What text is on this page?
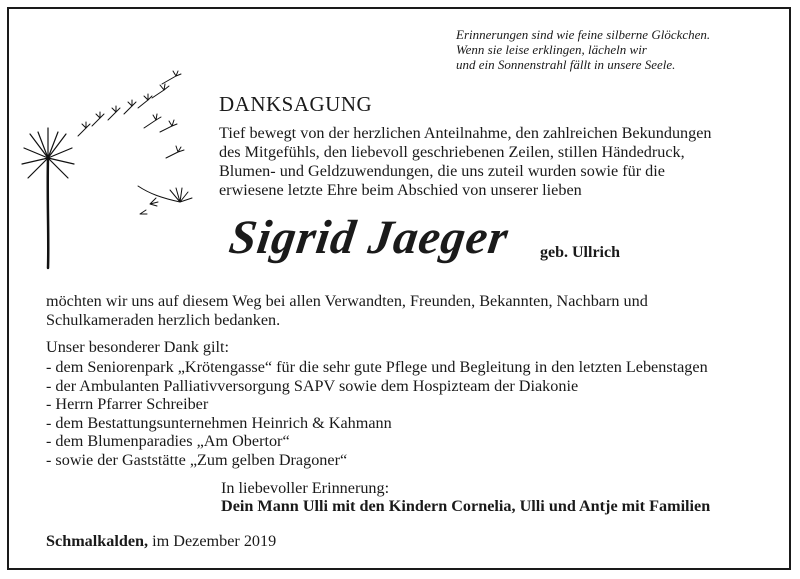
Erinnerungen sind wie feine silberne Glöckchen.
Wenn sie leise erklingen, lächeln wir
und ein Sonnenstrahl fällt in unsere Seele.
DANKSAGUNG
Tief bewegt von der herzlichen Anteilnahme, den zahlreichen Bekundungen
des Mitgefühls, den liebevoll geschriebenen Zeilen, stillen Händedruck,
Blumen- und Geldzuwendungen, die uns zuteil wurden sowie für die
erwiesene letzte Ehre beim Abschied von unserer lieben
Sigrid Jaeger geb. Ullrich
möchten wir uns auf diesem Weg bei allen Verwandten, Freunden, Bekannten, Nachbarn und
Schulkameraden herzlich bedanken.
Unser besonderer Dank gilt:
- dem Seniorenpark „Krötengasse“ für die sehr gute Pflege und Begleitung in den letzten Lebenstagen
- der Ambulanten Palliativversorgung SAPV sowie dem Hospizteam der Diakonie
- Herrn Pfarrer Schreiber
- dem Bestattungsunternehmen Heinrich & Kahmann
- dem Blumenparadies „Am Obertor“
- sowie der Gaststätte „Zum gelben Dragoner“
In liebevoller Erinnerung:
Dein Mann Ulli mit den Kindern Cornelia, Ulli und Antje mit Familien
Schmalkalden, im Dezember 2019
